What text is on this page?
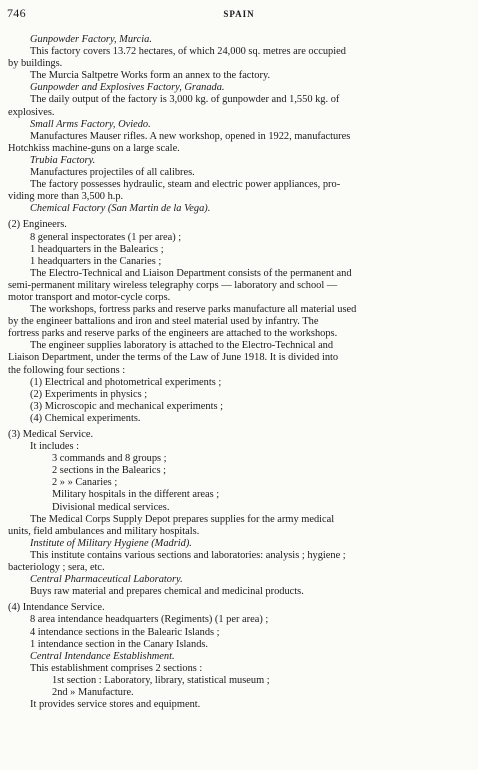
746	SPAIN
Gunpowder Factory, Murcia.
This factory covers 13.72 hectares, of which 24,000 sq. metres are occupied
by buildings.
The Murcia Saltpetre Works form an annex to the factory.
Gunpowder and Explosives Factory, Granada.
The daily output of the factory is 3,000 kg. of gunpowder and 1,550 kg. of
explosives.
Small Arms Factory, Oviedo.
Manufactures Mauser rifles. A new workshop, opened in 1922, manufactures
Hotchkiss machine-guns on a large scale.
Trubia Factory.
Manufactures projectiles of all calibres.
The factory possesses hydraulic, steam and electric power appliances, pro-
viding more than 3,500 h.p.
Chemical Factory (San Martin de la Vega).
(2) Engineers.
8 general inspectorates (1 per area) ;
1 headquarters in the Balearics ;
1 headquarters in the Canaries ;
The Electro-Technical and Liaison Department consists of the permanent and
semi-permanent military wireless telegraphy corps — laboratory and school —
motor transport and motor-cycle corps.
The workshops, fortress parks and reserve parks manufacture all material used
by the engineer battalions and iron and steel material used by infantry. The
fortress parks and reserve parks of the engineers are attached to the workshops.
The engineer supplies laboratory is attached to the Electro-Technical and
Liaison Department, under the terms of the Law of June 1918. It is divided into
the following four sections :
(1) Electrical and photometrical experiments ;
(2) Experiments in physics ;
(3) Microscopic and mechanical experiments ;
(4) Chemical experiments.
(3) Medical Service.
It includes :
3 commands and 8 groups ;
2 sections in the Balearics ;
2 » » Canaries ;
Military hospitals in the different areas ;
Divisional medical services.
The Medical Corps Supply Depot prepares supplies for the army medical
units, field ambulances and military hospitals.
Institute of Military Hygiene (Madrid).
This institute contains various sections and laboratories: analysis ; hygiene ;
bacteriology ; sera, etc.
Central Pharmaceutical Laboratory.
Buys raw material and prepares chemical and medicinal products.
(4) Intendance Service.
8 area intendance headquarters (Regiments) (1 per area) ;
4 intendance sections in the Balearic Islands ;
1 intendance section in the Canary Islands.
Central Intendance Establishment.
This establishment comprises 2 sections :
1st section : Laboratory, library, statistical museum ;
2nd » Manufacture.
It provides service stores and equipment.
